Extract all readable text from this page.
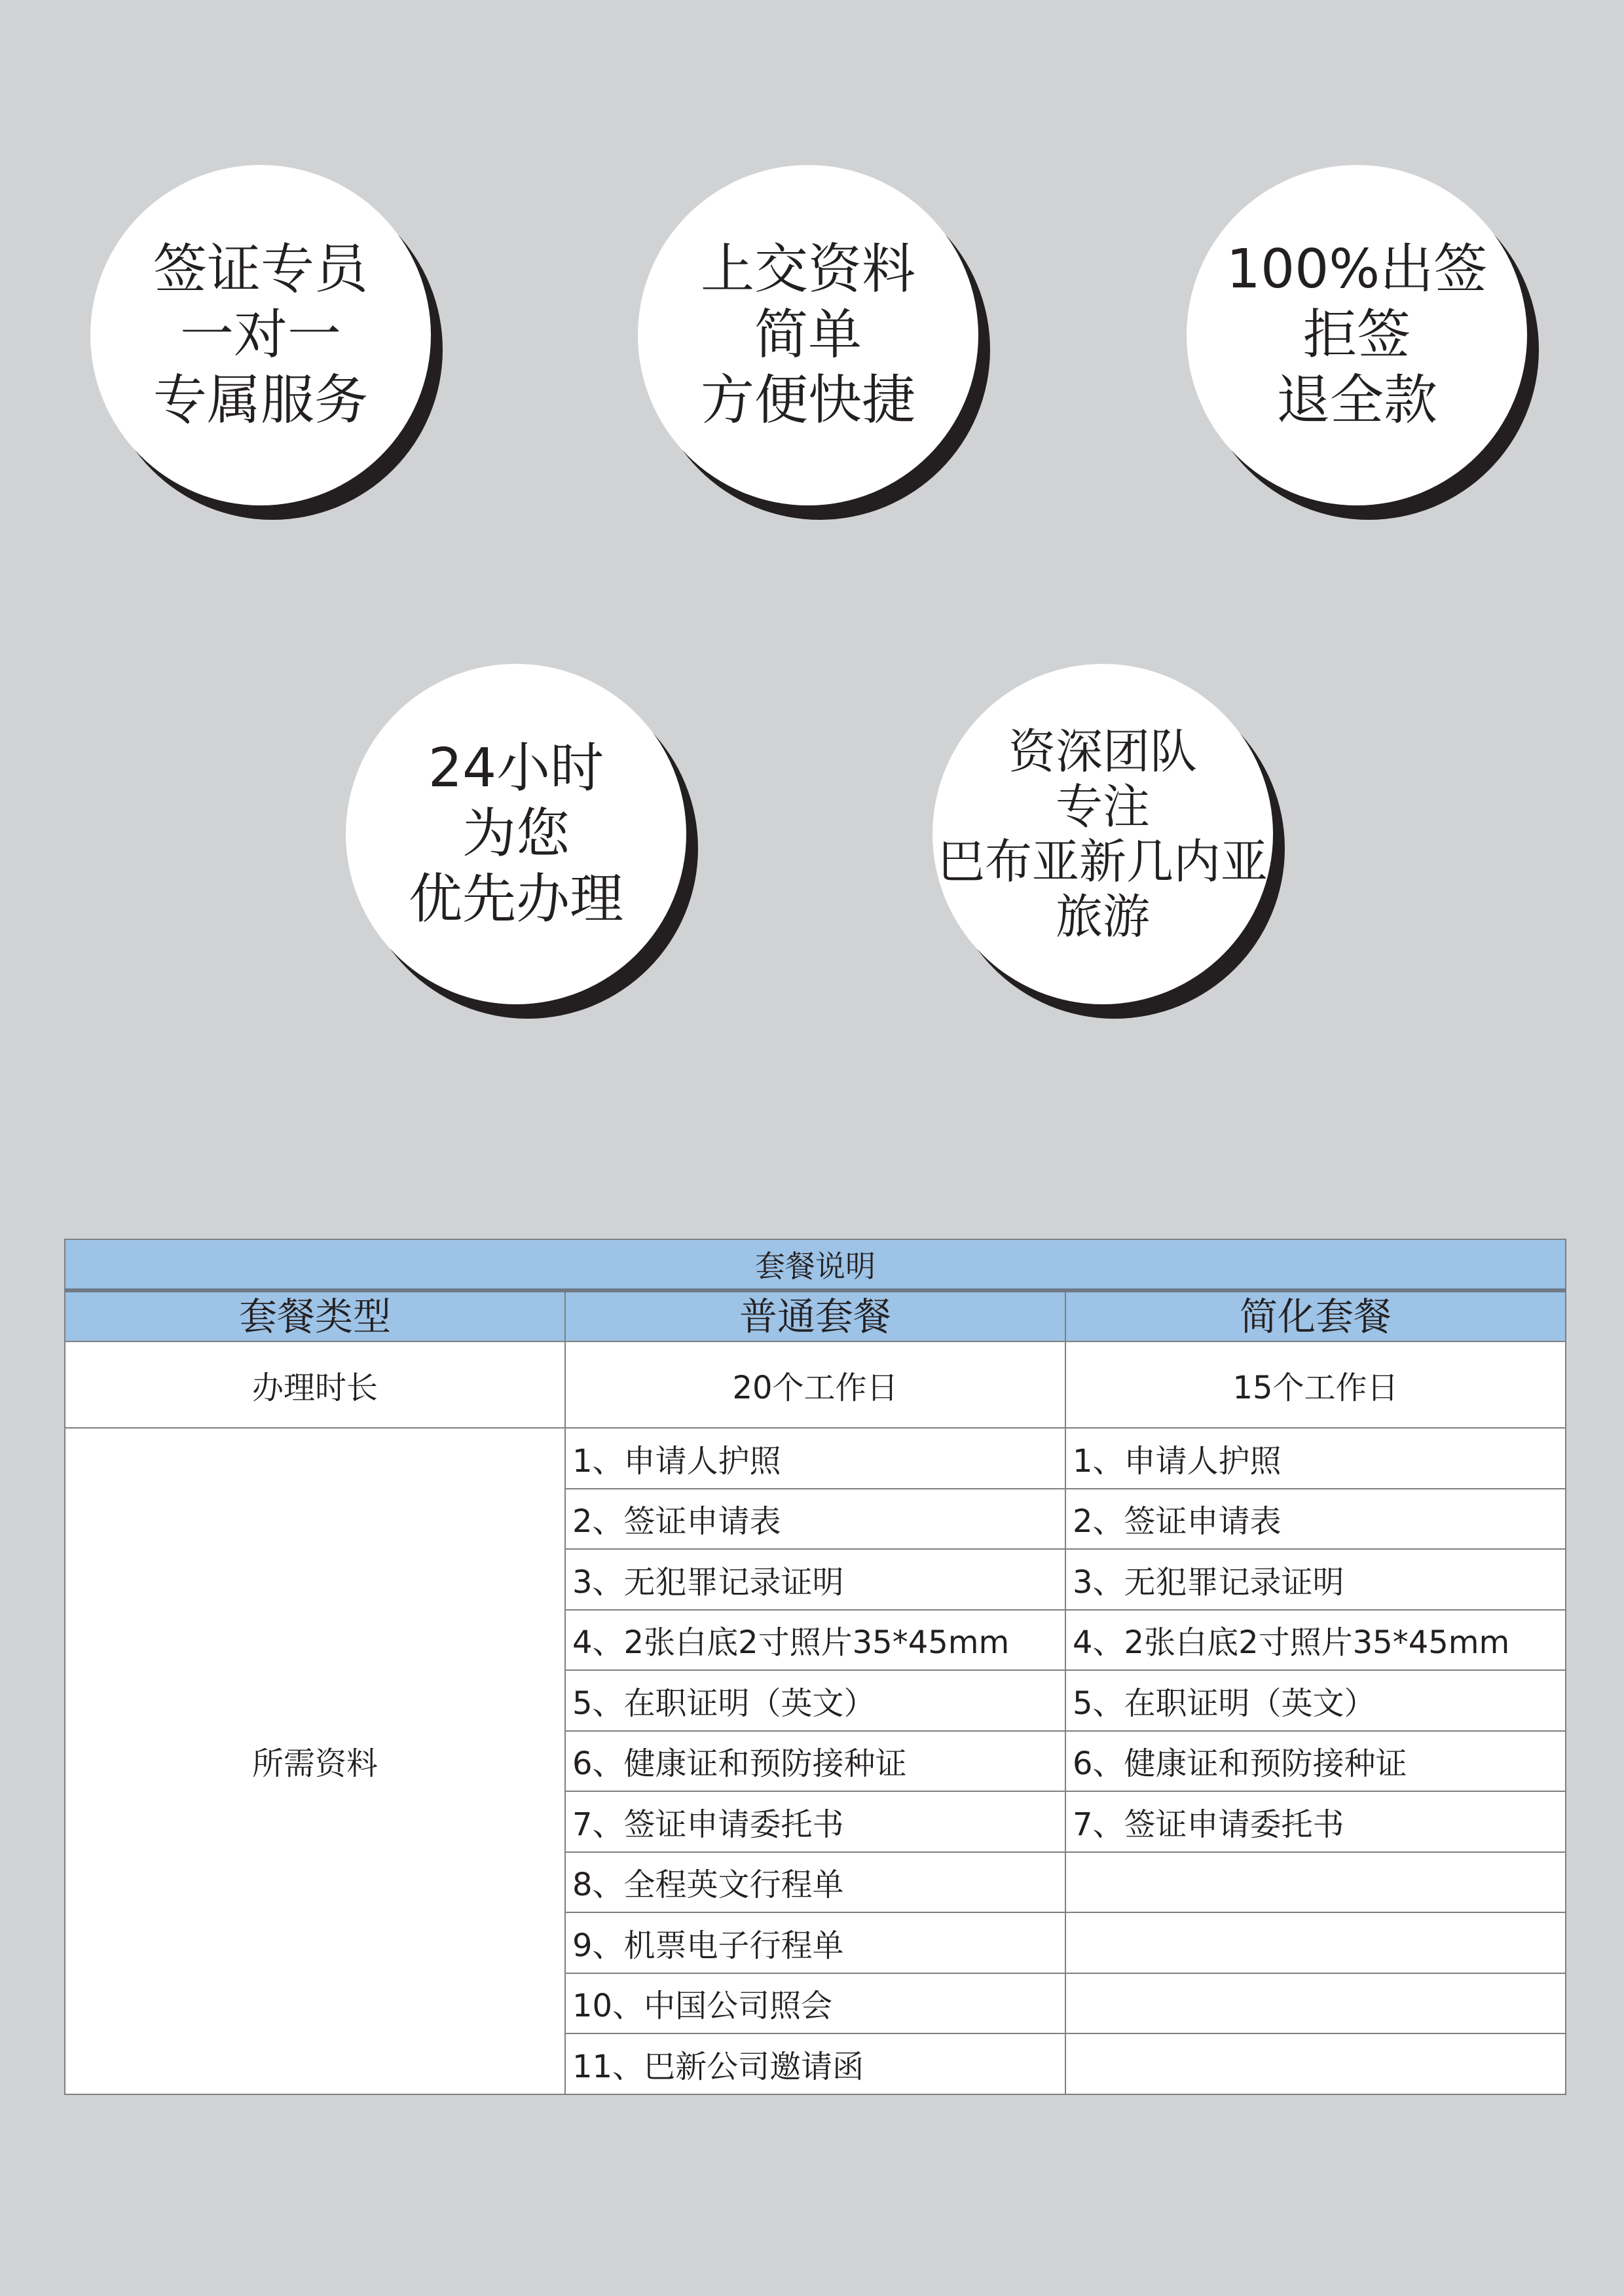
签证专员
一对一
专属服务
上交资料
简单
方便快捷
100%出签
拒签
退全款
24小时
为您
优先办理
资深团队
专注
巴布亚新几内亚
旅游
套餐说明		
套餐类型	普通套餐	简化套餐
办理时长	20个工作日	15个工作日
所需资料	1、申请人护照	1、申请人护照
	2、签证申请表	2、签证申请表
	3、无犯罪记录证明	3、无犯罪记录证明
	4、2张白底2寸照片35*45mm	4、2张白底2寸照片35*45mm
	5、在职证明（英文）	5、在职证明（英文）
	6、健康证和预防接种证	6、健康证和预防接种证
	7、签证申请委托书	7、签证申请委托书
	8、全程英文行程单	
	9、机票电子行程单	
	10、中国公司照会	
	11、巴新公司邀请函	
